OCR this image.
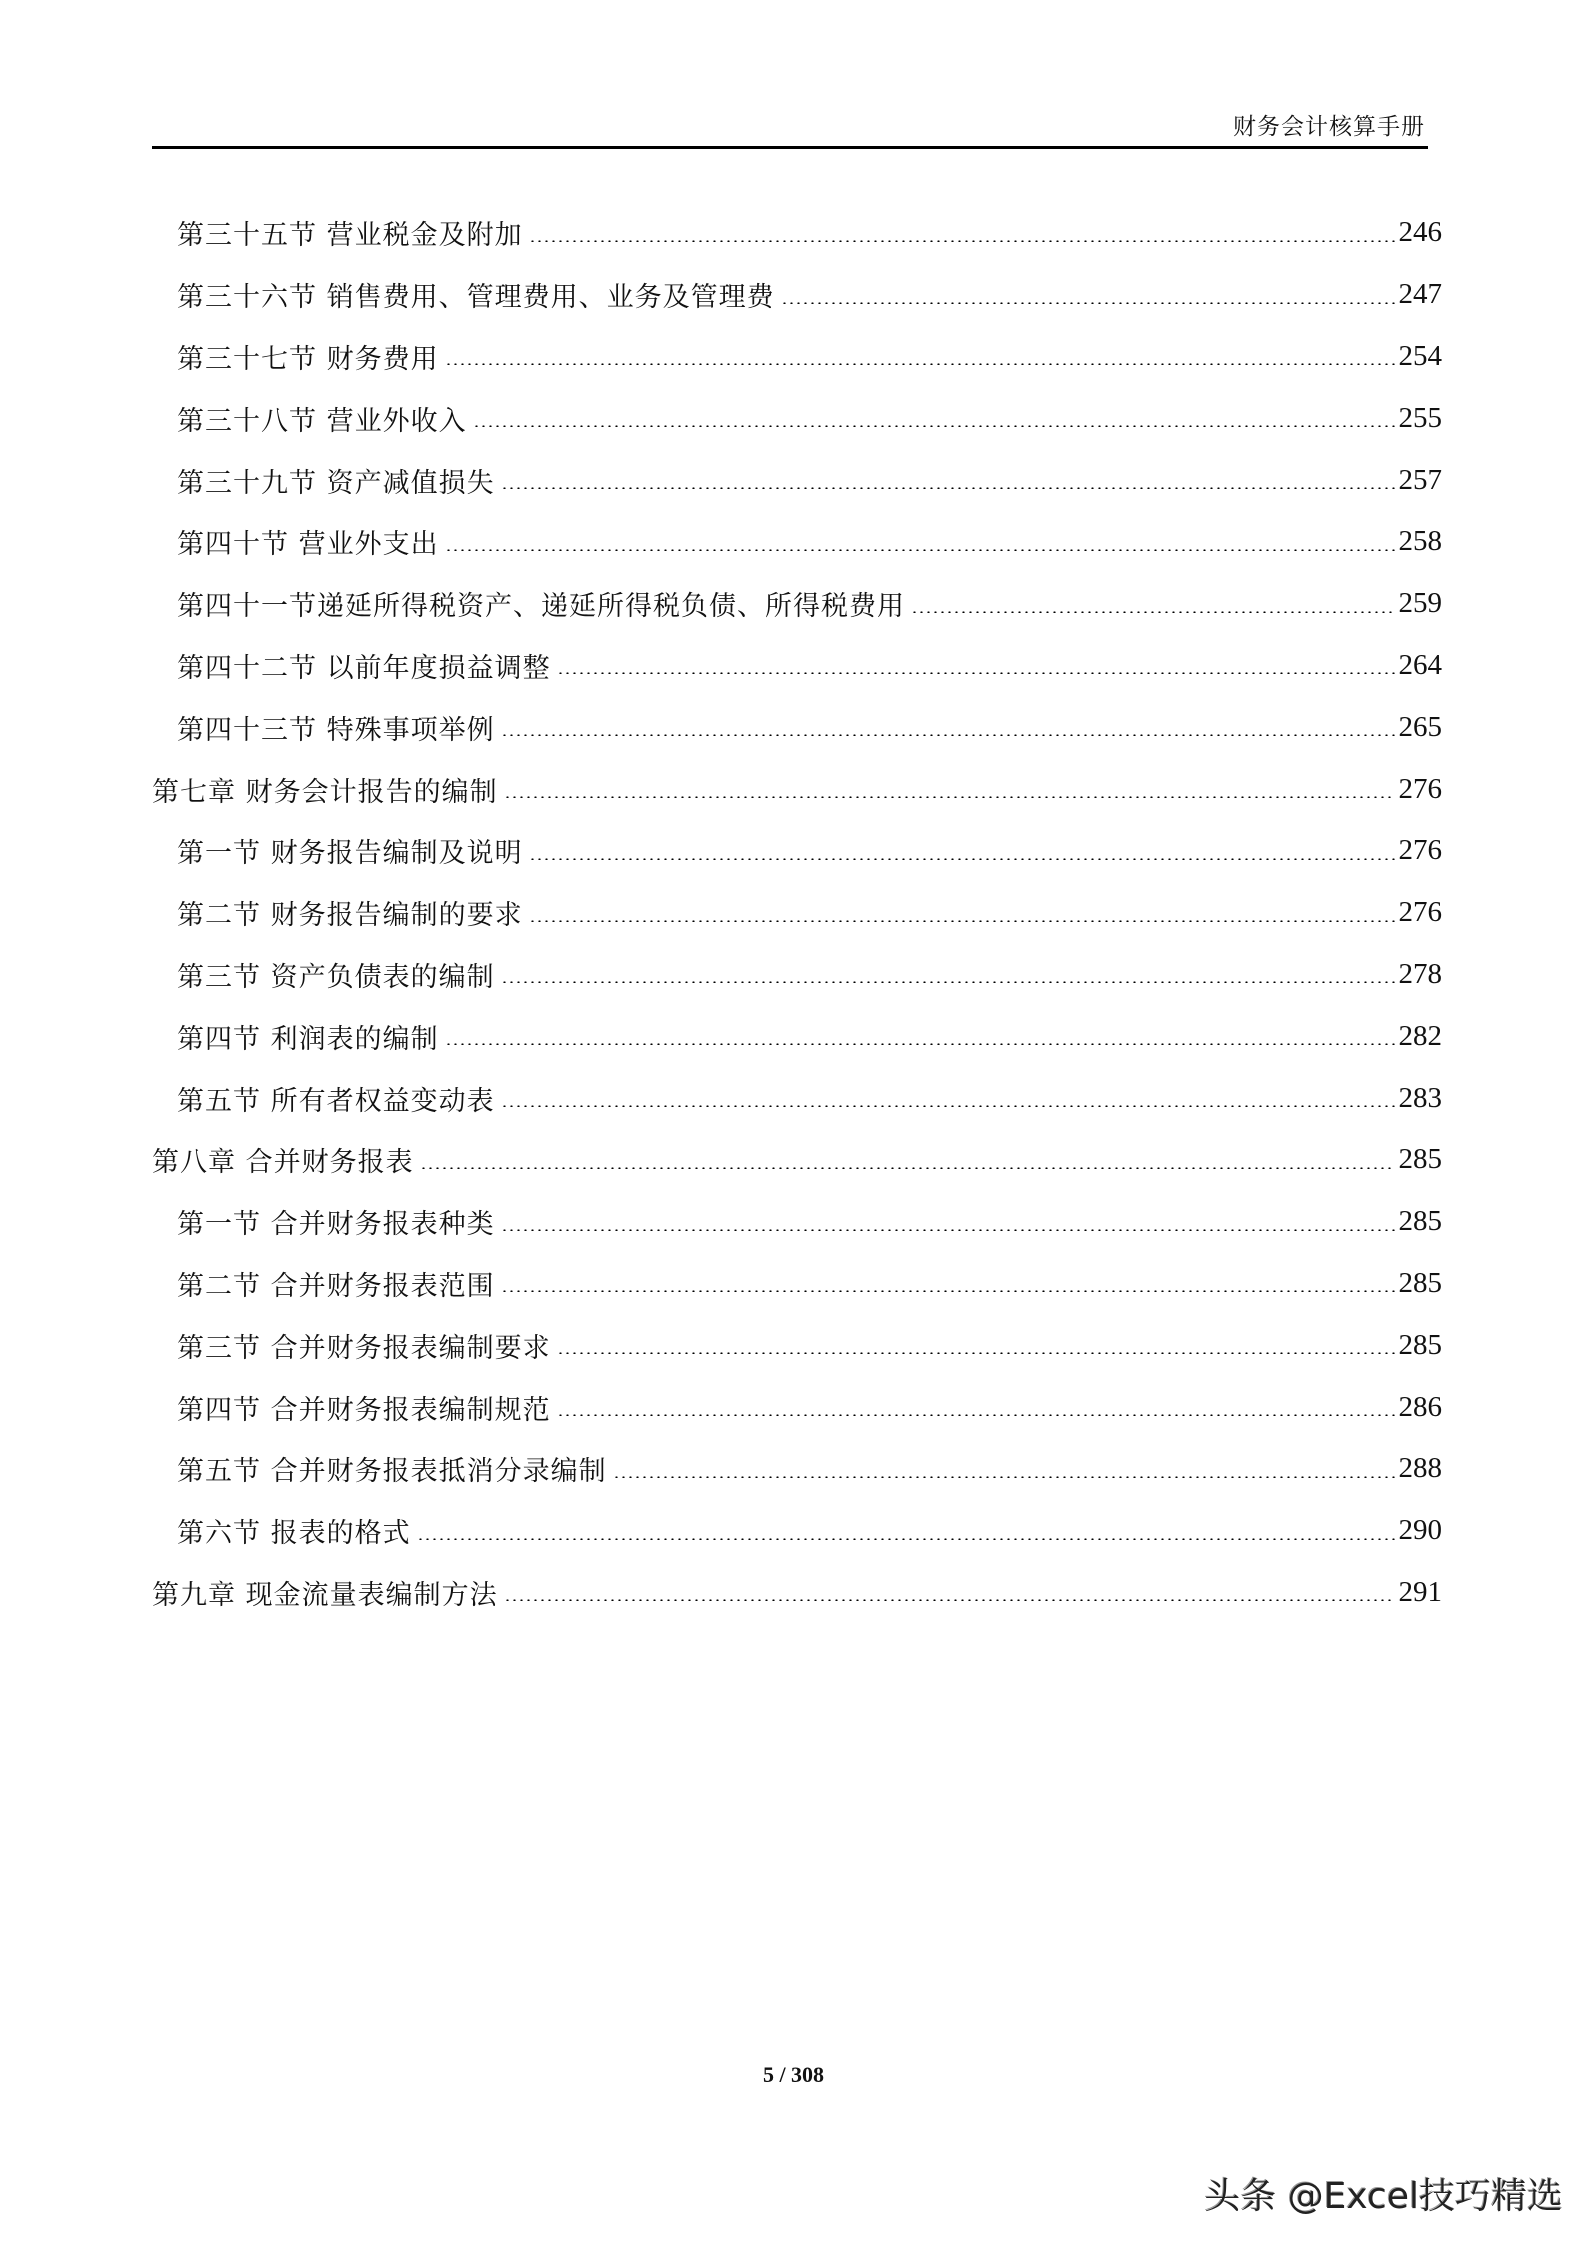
财务会计核算手册
第三十五节 营业税金及附加	246
第三十六节 销售费用、管理费用、业务及管理费	247
第三十七节 财务费用	254
第三十八节 营业外收入	255
第三十九节 资产减值损失	257
第四十节 营业外支出	258
第四十一节递延所得税资产、递延所得税负债、所得税费用	259
第四十二节 以前年度损益调整	264
第四十三节 特殊事项举例	265
第七章 财务会计报告的编制	276
第一节 财务报告编制及说明	276
第二节 财务报告编制的要求	276
第三节 资产负债表的编制	278
第四节 利润表的编制	282
第五节 所有者权益变动表	283
第八章 合并财务报表	285
第一节 合并财务报表种类	285
第二节 合并财务报表范围	285
第三节 合并财务报表编制要求	285
第四节 合并财务报表编制规范	286
第五节 合并财务报表抵消分录编制	288
第六节 报表的格式	290
第九章 现金流量表编制方法	291
5 / 308
头条 @Excel技巧精选
